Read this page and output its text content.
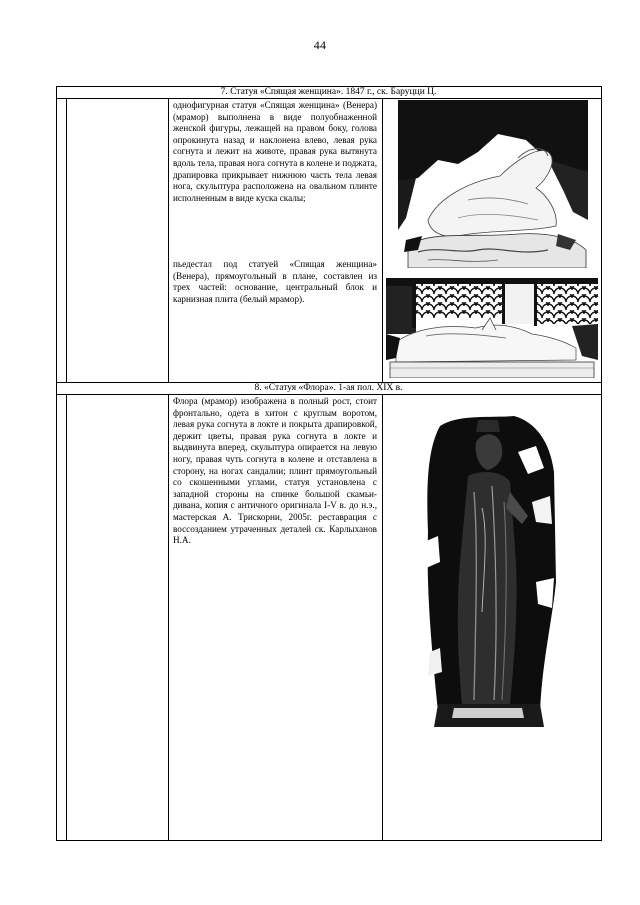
44
7. Статуя «Спящая женщина». 1847 г., ск. Баруцци Ц.

однофигурная статуя «Спящая женщина» (Венера) (мрамор) выполнена в виде полуобнаженной женской фигуры, лежащей на правом боку, голова опрокинута назад и наклонена влево, левая рука согнута и лежит на животе, правая рука вытянута вдоль тела, правая нога согнута в колене и поджата, драпировка прикрывает нижнюю часть тела левая нога, скульптура расположена на овальном плинте исполненным в виде куска скалы;

пьедестал под статуей «Спящая женщина» (Венера), прямоугольный в плане, составлен из трех частей: основание, центральный блок и карнизная плита (белый мрамор).

8. «Статуя «Флора». 1-ая пол. XIX в.

Флора (мрамор) изображена в полный рост, стоит фронтально, одета в хитон с круглым воротом, левая рука согнута в локте и покрыта драпировкой, держит цветы, правая рука согнута в локте и выдвинута вперед, скульптура опирается на левую ногу, правая чуть согнута в колене и отставлена в сторону, на ногах сандалии; плинт прямоугольный со скошенными углами, статуя установлена с западной стороны на спинке большой скамьи-дивана, копия с античного оригинала I-V в. до н.э., мастерская А. Трискорни, 2005г. реставрация с воссозданием утраченных деталей ск. Карлыханов Н.А.
